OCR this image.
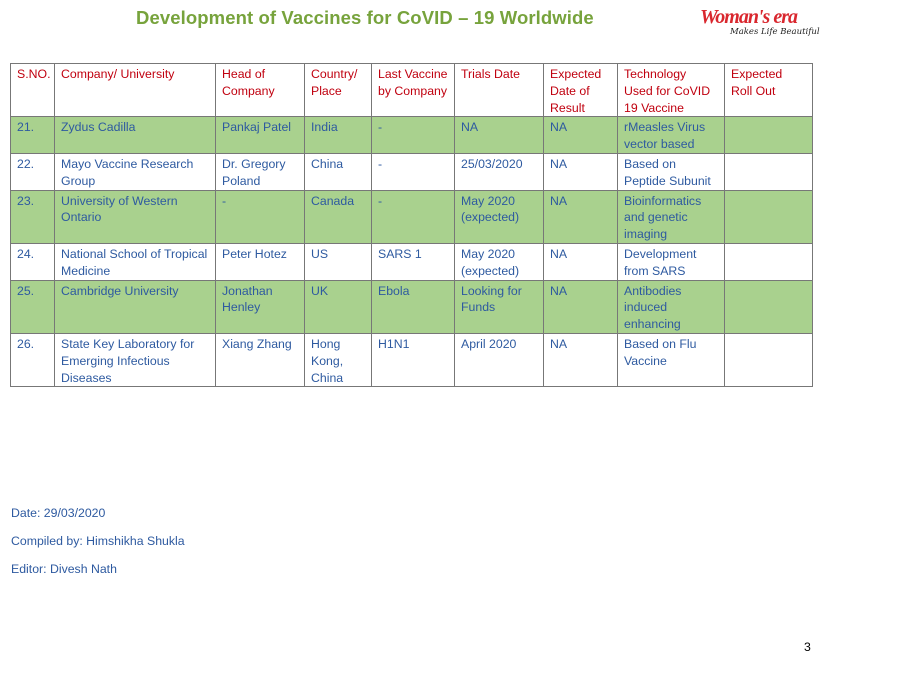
Development of Vaccines for CoVID – 19 Worldwide	Woman's era
Makes Life Beautiful
S.NO.	Company/ University	Head of Company	Country/ Place	Last Vaccine by Company	Trials Date	Expected Date of Result	Technology Used for CoVID 19 Vaccine	Expected Roll Out
21.	Zydus Cadilla	Pankaj Patel	India	-	NA	NA	rMeasles Virus vector based	
22.	Mayo Vaccine Research Group	Dr. Gregory Poland	China	-	25/03/2020	NA	Based on Peptide Subunit	
23.	University of Western Ontario	-	Canada	-	May 2020 (expected)	NA	Bioinformatics and genetic imaging	
24.	National School of Tropical Medicine	Peter Hotez	US	SARS 1	May 2020 (expected)	NA	Development from SARS	
25.	Cambridge University	Jonathan Henley	UK	Ebola	Looking for Funds	NA	Antibodies induced enhancing	
26.	State Key Laboratory for Emerging Infectious Diseases	Xiang Zhang	Hong Kong, China	H1N1	April 2020	NA	Based on Flu Vaccine	
Date: 29/03/2020
Compiled by: Himshikha Shukla
Editor: Divesh Nath
3
